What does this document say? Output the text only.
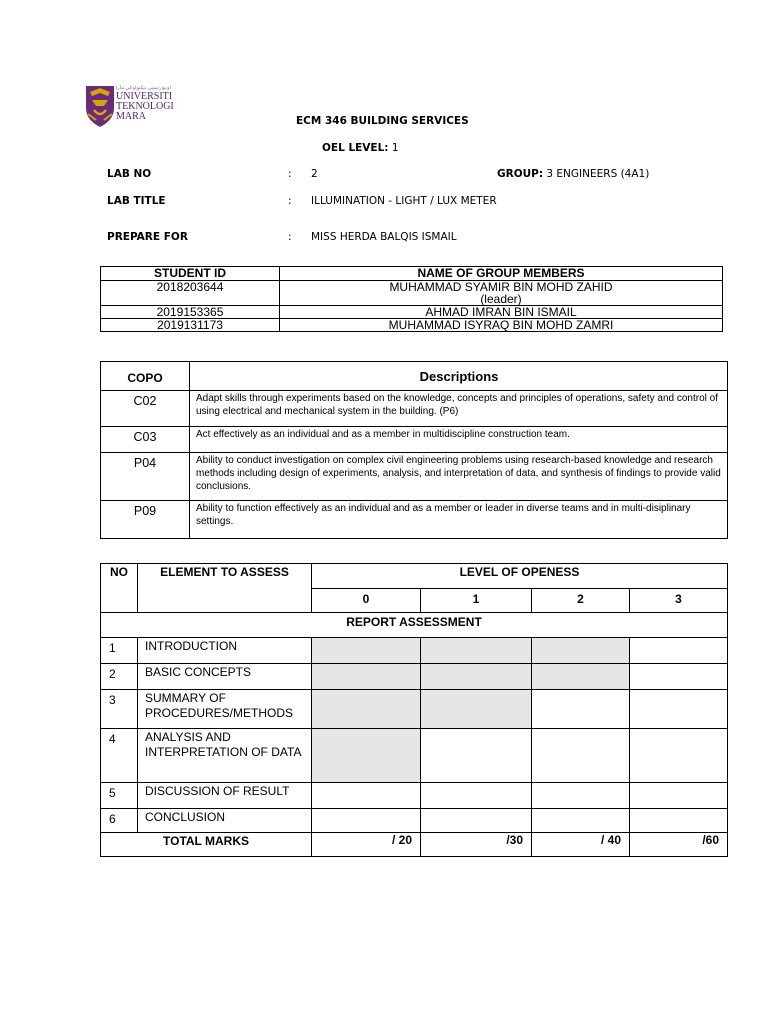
اونيۏرسيتي تيكنولوݢي مارا
UNIVERSITI
TEKNOLOGI
MARA	ECM 346 BUILDING SERVICES
OEL LEVEL: 1
LAB NO	: 2	GROUP: 3 ENGINEERS (4A1)
LAB TITLE	: ILLUMINATION - LIGHT / LUX METER
PREPARE FOR	: MISS HERDA BALQIS ISMAIL
STUDENT ID	NAME OF GROUP MEMBERS
2018203644	MUHAMMAD SYAMIR BIN MOHD ZAHID
(leader)

2019153365	AHMAD IMRAN BIN ISMAIL
2019131173	MUHAMMAD ISYRAQ BIN MOHD ZAMRI
COPO	Descriptions
C02	Adapt skills through experiments based on the knowledge, concepts and principles of operations, safety and control of using electrical and mechanical system in the building. (P6)
C03	Act effectively as an individual and as a member in multidiscipline construction team.
P04	Ability to conduct investigation on complex civil engineering problems using research-based knowledge and research methods including design of experiments, analysis, and interpretation of data, and synthesis of findings to provide valid conclusions.
P09	Ability to function effectively as an individual and as a member or leader in diverse teams and in multi-disiplinary settings.
NO	ELEMENT TO ASSESS	LEVEL OF OPENESS			
		0	1	2	3
REPORT ASSESSMENT					
1	INTRODUCTION				
2	BASIC CONCEPTS				
3	SUMMARY OF PROCEDURES/METHODS				
4	ANALYSIS AND INTERPRETATION OF DATA				
5	DISCUSSION OF RESULT				
6	CONCLUSION				
TOTAL MARKS		/ 20	/30	/ 40	/60
